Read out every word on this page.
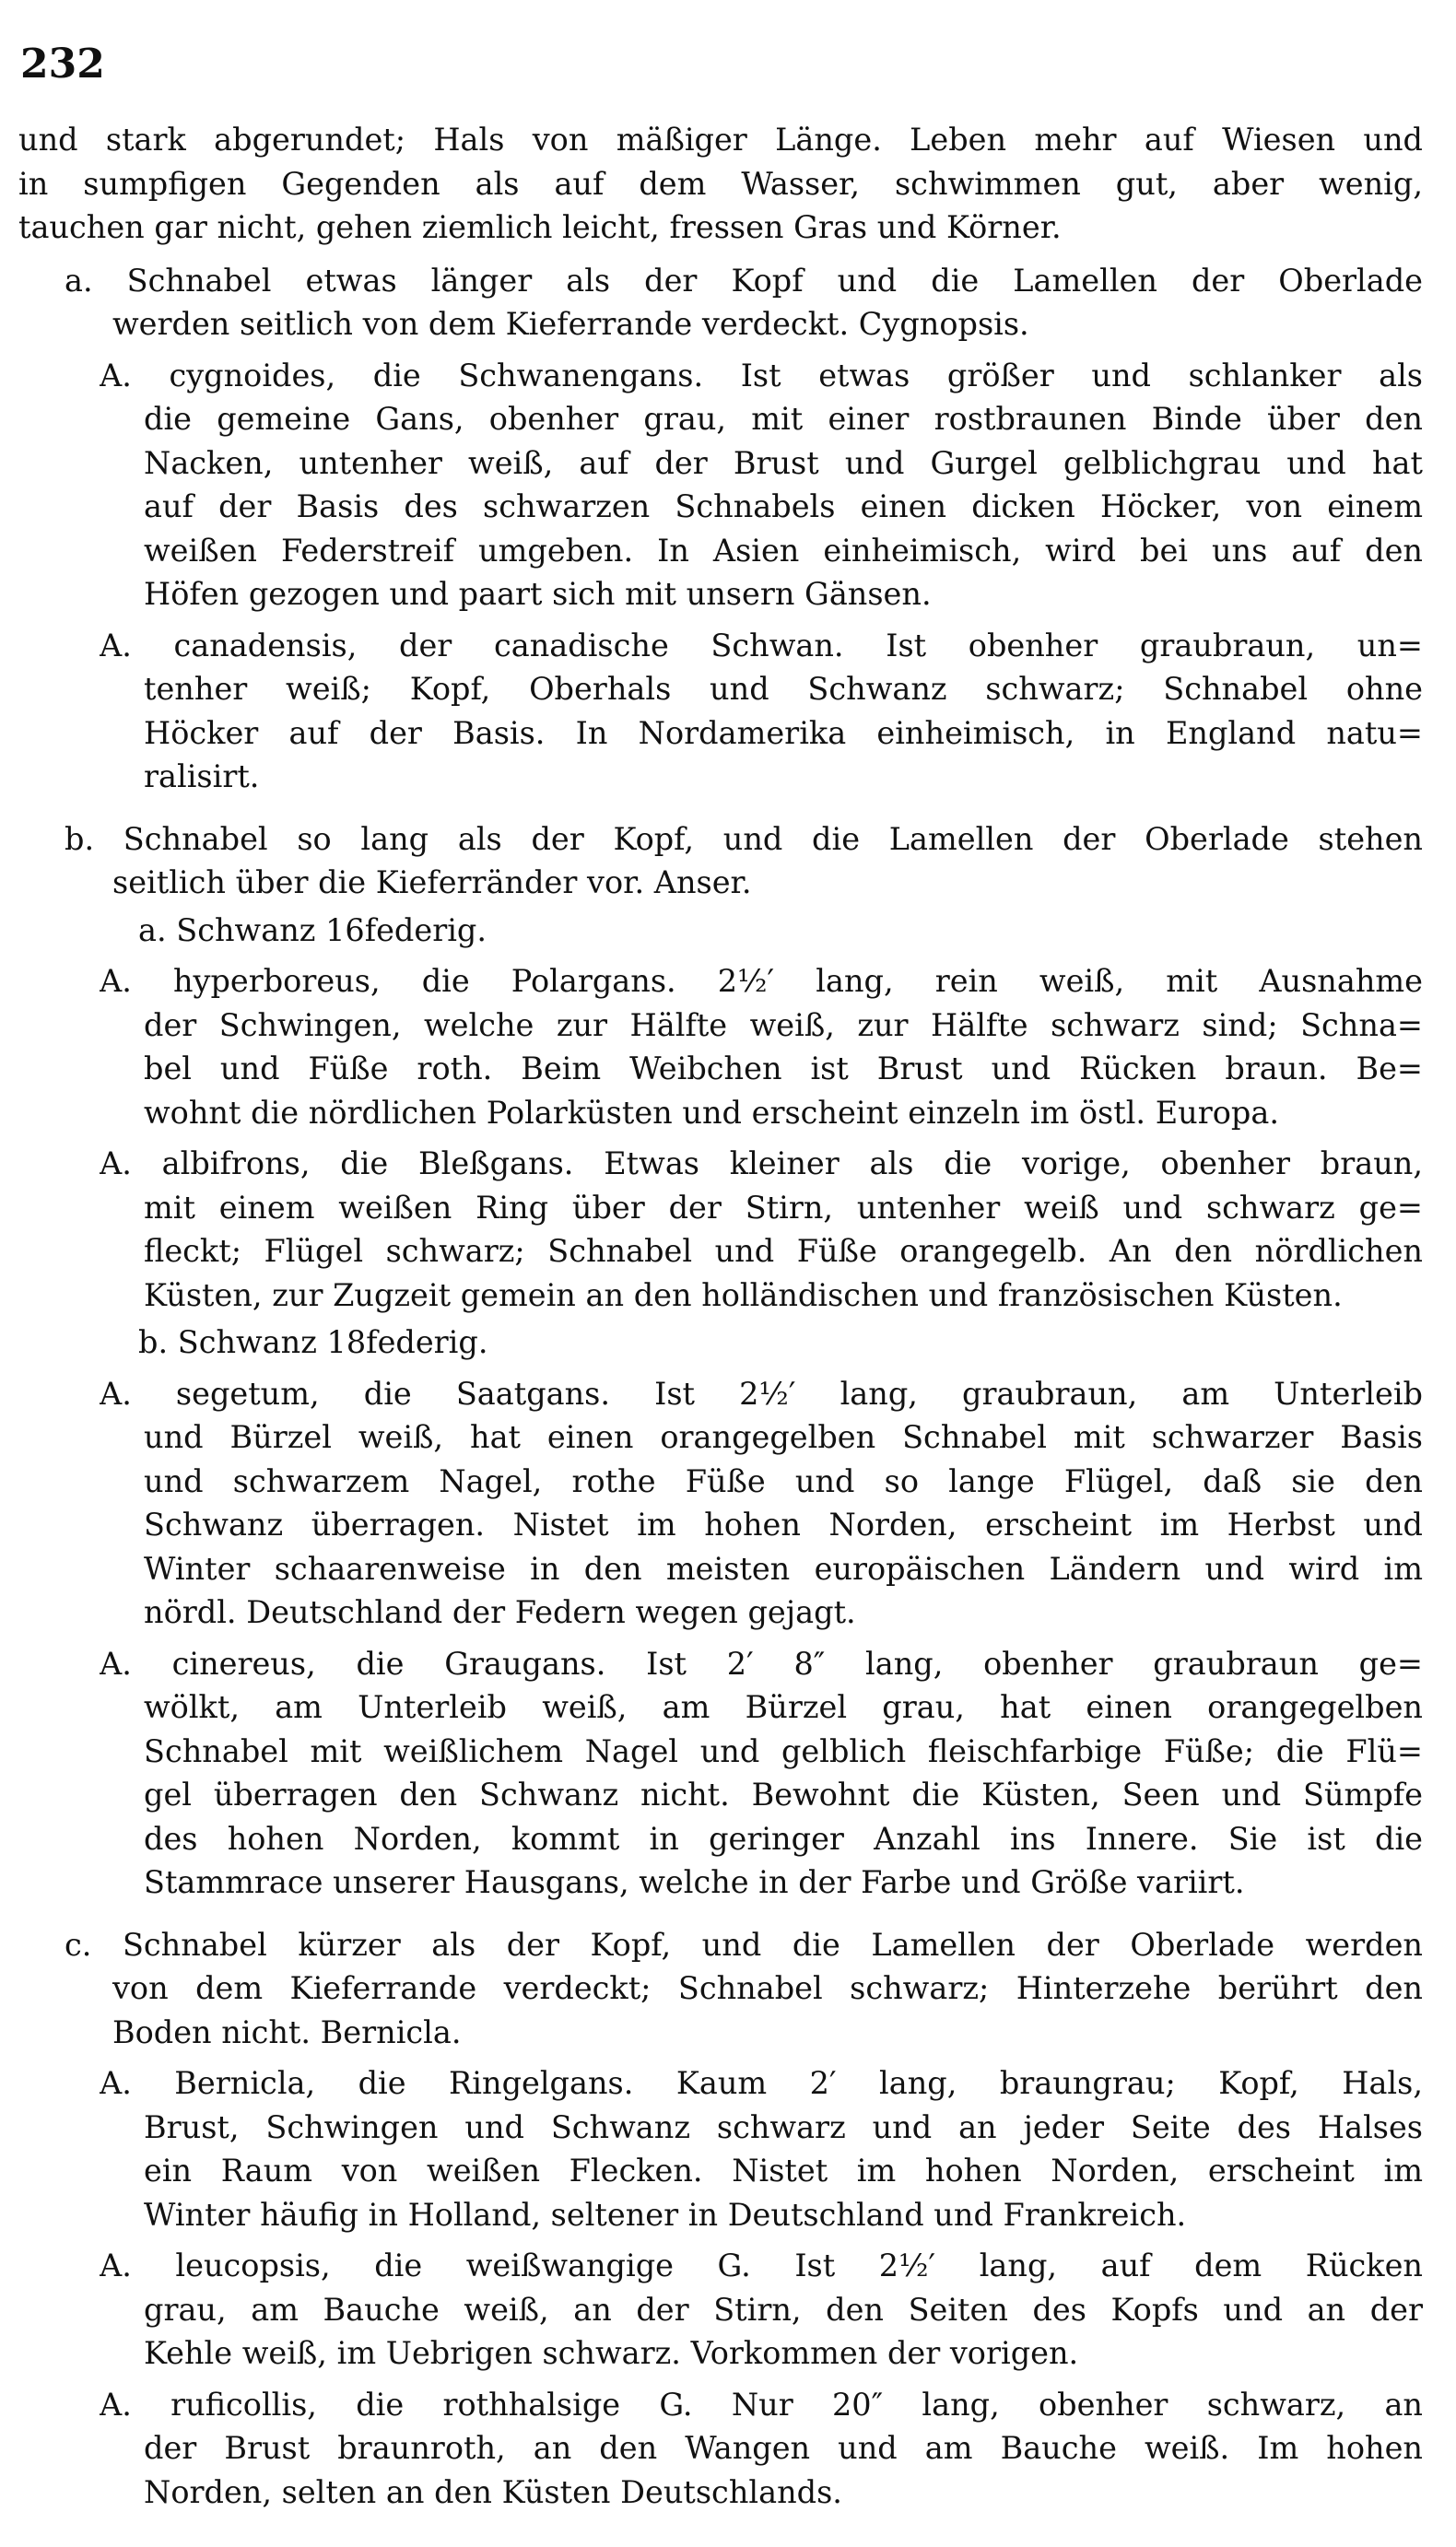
232
und stark abgerundet; Hals von mäßiger Länge. Leben mehr auf Wiesen und
in sumpfigen Gegenden als auf dem Wasser, schwimmen gut, aber wenig,
tauchen gar nicht, gehen ziemlich leicht, fressen Gras und Körner.
a. Schnabel etwas länger als der Kopf und die Lamellen der Oberlade
werden seitlich von dem Kieferrande verdeckt. Cygnopsis.
A. cygnoides, die Schwanengans. Ist etwas größer und schlanker als
die gemeine Gans, obenher grau, mit einer rostbraunen Binde über den
Nacken, untenher weiß, auf der Brust und Gurgel gelblichgrau und hat
auf der Basis des schwarzen Schnabels einen dicken Höcker, von einem
weißen Federstreif umgeben. In Asien einheimisch, wird bei uns auf den
Höfen gezogen und paart sich mit unsern Gänsen.
A. canadensis, der canadische Schwan. Ist obenher graubraun, un=
tenher weiß; Kopf, Oberhals und Schwanz schwarz; Schnabel ohne
Höcker auf der Basis. In Nordamerika einheimisch, in England natu=
ralisirt.
b. Schnabel so lang als der Kopf, und die Lamellen der Oberlade stehen
seitlich über die Kieferränder vor. Anser.
a. Schwanz 16federig.
A. hyperboreus, die Polargans. 2½′ lang, rein weiß, mit Ausnahme
der Schwingen, welche zur Hälfte weiß, zur Hälfte schwarz sind; Schna=
bel und Füße roth. Beim Weibchen ist Brust und Rücken braun. Be=
wohnt die nördlichen Polarküsten und erscheint einzeln im östl. Europa.
A. albifrons, die Bleßgans. Etwas kleiner als die vorige, obenher braun,
mit einem weißen Ring über der Stirn, untenher weiß und schwarz ge=
fleckt; Flügel schwarz; Schnabel und Füße orangegelb. An den nördlichen
Küsten, zur Zugzeit gemein an den holländischen und französischen Küsten.
b. Schwanz 18federig.
A. segetum, die Saatgans. Ist 2½′ lang, graubraun, am Unterleib
und Bürzel weiß, hat einen orangegelben Schnabel mit schwarzer Basis
und schwarzem Nagel, rothe Füße und so lange Flügel, daß sie den
Schwanz überragen. Nistet im hohen Norden, erscheint im Herbst und
Winter schaarenweise in den meisten europäischen Ländern und wird im
nördl. Deutschland der Federn wegen gejagt.
A. cinereus, die Graugans. Ist 2′ 8″ lang, obenher graubraun ge=
wölkt, am Unterleib weiß, am Bürzel grau, hat einen orangegelben
Schnabel mit weißlichem Nagel und gelblich fleischfarbige Füße; die Flü=
gel überragen den Schwanz nicht. Bewohnt die Küsten, Seen und Sümpfe
des hohen Norden, kommt in geringer Anzahl ins Innere. Sie ist die
Stammrace unserer Hausgans, welche in der Farbe und Größe variirt.
c. Schnabel kürzer als der Kopf, und die Lamellen der Oberlade werden
von dem Kieferrande verdeckt; Schnabel schwarz; Hinterzehe berührt den
Boden nicht. Bernicla.
A. Bernicla, die Ringelgans. Kaum 2′ lang, braungrau; Kopf, Hals,
Brust, Schwingen und Schwanz schwarz und an jeder Seite des Halses
ein Raum von weißen Flecken. Nistet im hohen Norden, erscheint im
Winter häufig in Holland, seltener in Deutschland und Frankreich.
A. leucopsis, die weißwangige G. Ist 2½′ lang, auf dem Rücken
grau, am Bauche weiß, an der Stirn, den Seiten des Kopfs und an der
Kehle weiß, im Uebrigen schwarz. Vorkommen der vorigen.
A. ruficollis, die rothhalsige G. Nur 20″ lang, obenher schwarz, an
der Brust braunroth, an den Wangen und am Bauche weiß. Im hohen
Norden, selten an den Küsten Deutschlands.
